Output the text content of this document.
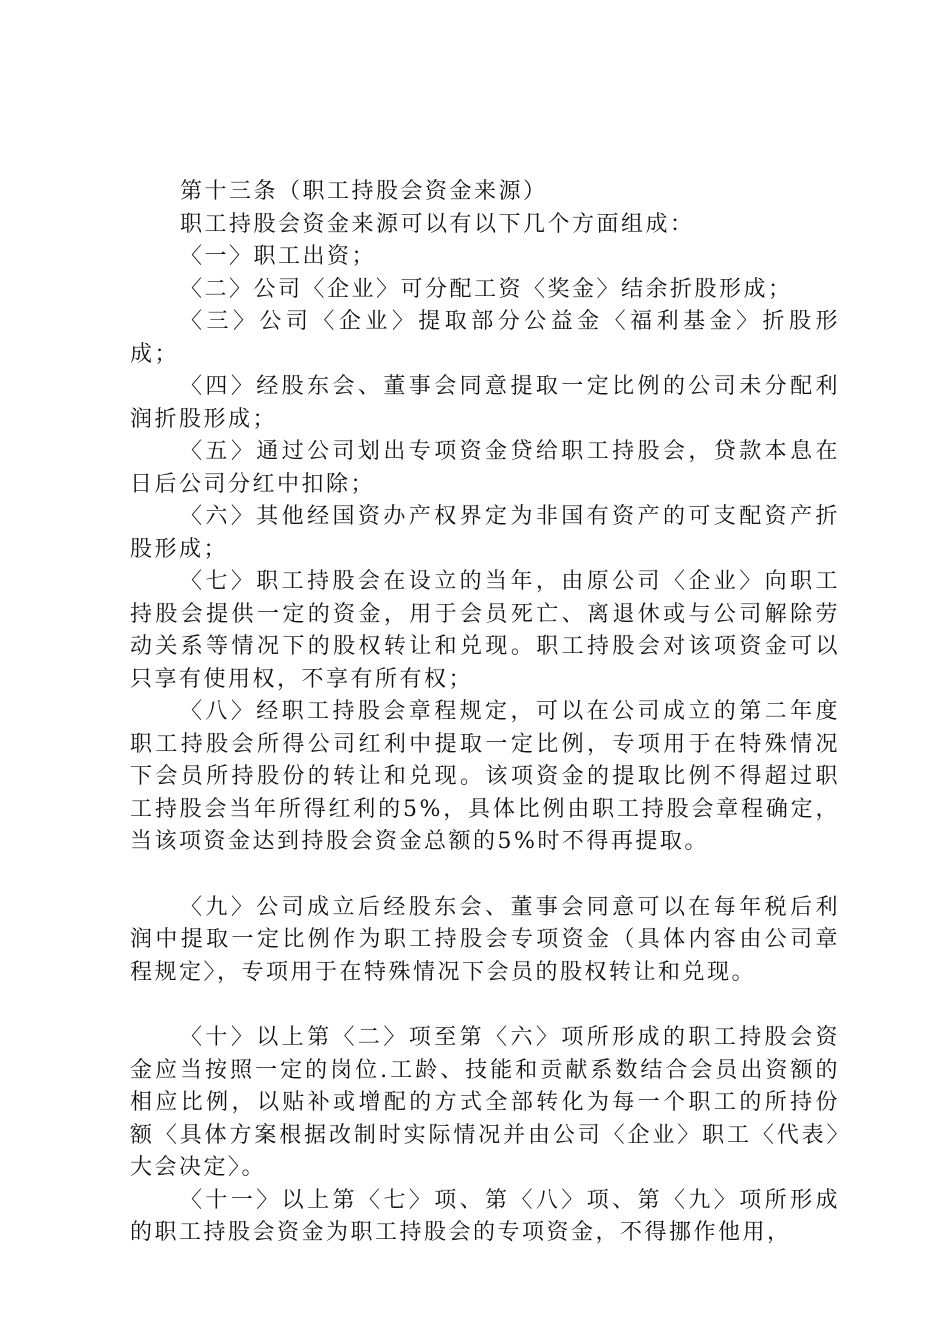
第十三条（职工持股会资金来源）

职工持股会资金来源可以有以下几个方面组成：

〈一〉职工出资；

〈二〉公司〈企业〉可分配工资〈奖金〉结余折股形成；

〈三〉公司〈企业〉提取部分公益金〈福利基金〉折股形成；

〈四〉经股东会、董事会同意提取一定比例的公司未分配利润折股形成；

〈五〉通过公司划出专项资金贷给职工持股会，贷款本息在日后公司分红中扣除；

〈六〉其他经国资办产权界定为非国有资产的可支配资产折股形成；

〈七〉职工持股会在设立的当年，由原公司〈企业〉向职工持股会提供一定的资金，用于会员死亡、离退休或与公司解除劳动关系等情况下的股权转让和兑现。职工持股会对该项资金可以只享有使用权，不享有所有权；

〈八〉经职工持股会章程规定，可以在公司成立的第二年度职工持股会所得公司红利中提取一定比例，专项用于在特殊情况下会员所持股份的转让和兑现。该项资金的提取比例不得超过职工持股会当年所得红利的5%，具体比例由职工持股会章程确定，当该项资金达到持股会资金总额的5%时不得再提取。

〈九〉公司成立后经股东会、董事会同意可以在每年税后利润中提取一定比例作为职工持股会专项资金（具体内容由公司章程规定〉，专项用于在特殊情况下会员的股权转让和兑现。

〈十〉以上第〈二〉项至第〈六〉项所形成的职工持股会资金应当按照一定的岗位.工龄、技能和贡献系数结合会员出资额的相应比例，以贴补或增配的方式全部转化为每一个职工的所持份额〈具体方案根据改制时实际情况并由公司〈企业〉职工〈代表〉大会决定〉。

〈十一〉以上第〈七〉项、第〈八〉项、第〈九〉项所形成的职工持股会资金为职工持股会的专项资金，不得挪作他用，
